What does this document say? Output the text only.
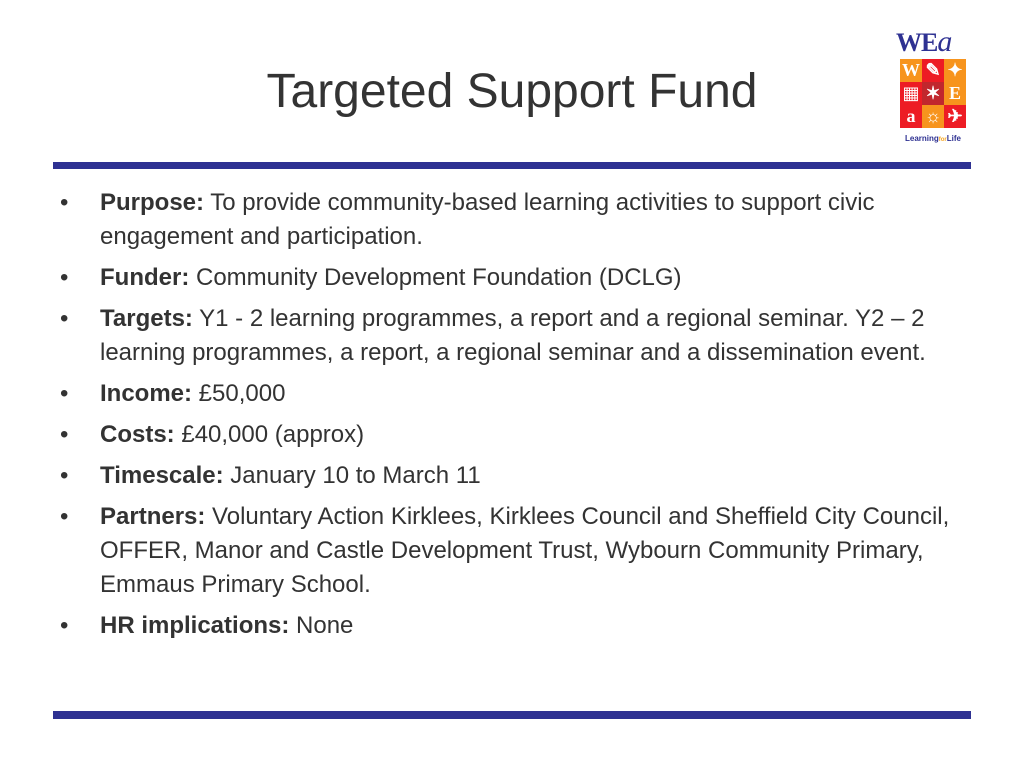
Targeted Support Fund
WEa
W ✎ ✦
▦ ✶ E
a ☼ ✈
LearningforLife
• Purpose: To provide community-based learning activities to support civic engagement and participation.
• Funder: Community Development Foundation (DCLG)
• Targets: Y1 - 2 learning programmes, a report and a regional seminar. Y2 – 2 learning programmes, a report, a regional seminar and a dissemination event.
• Income: £50,000
• Costs: £40,000 (approx)
• Timescale: January 10 to March 11
• Partners: Voluntary Action Kirklees, Kirklees Council and Sheffield City Council, OFFER, Manor and Castle Development Trust, Wybourn Community Primary, Emmaus Primary School.
• HR implications: None
